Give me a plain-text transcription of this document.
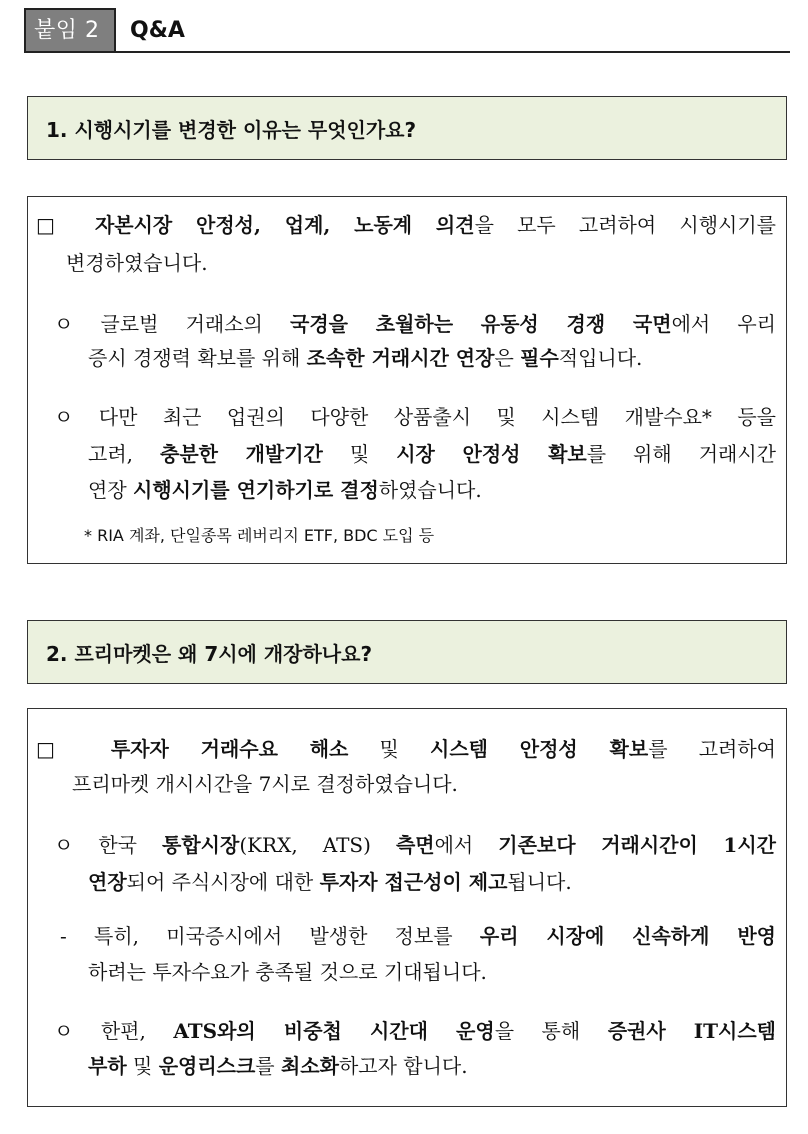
붙임 2	Q&A
1. 시행시기를 변경한 이유는 무엇인가요?
□ 자본시장 안정성, 업계, 노동계 의견을 모두 고려하여 시행시기를
변경하였습니다.
ㅇ 글로벌 거래소의 국경을 초월하는 유동성 경쟁 국면에서 우리
증시 경쟁력 확보를 위해 조속한 거래시간 연장은 필수적입니다.
ㅇ 다만 최근 업권의 다양한 상품출시 및 시스템 개발수요* 등을
고려, 충분한 개발기간 및 시장 안정성 확보를 위해 거래시간
연장 시행시기를 연기하기로 결정하였습니다.
* RIA 계좌, 단일종목 레버리지 ETF, BDC 도입 등
2. 프리마켓은 왜 7시에 개장하나요?
□ 투자자 거래수요 해소 및 시스템 안정성 확보를 고려하여
프리마켓 개시시간을 7시로 결정하였습니다.
ㅇ 한국 통합시장(KRX, ATS) 측면에서 기존보다 거래시간이 1시간
연장되어 주식시장에 대한 투자자 접근성이 제고됩니다.
- 특히, 미국증시에서 발생한 정보를 우리 시장에 신속하게 반영
하려는 투자수요가 충족될 것으로 기대됩니다.
ㅇ 한편, ATS와의 비중첩 시간대 운영을 통해 증권사 IT시스템
부하 및 운영리스크를 최소화하고자 합니다.
